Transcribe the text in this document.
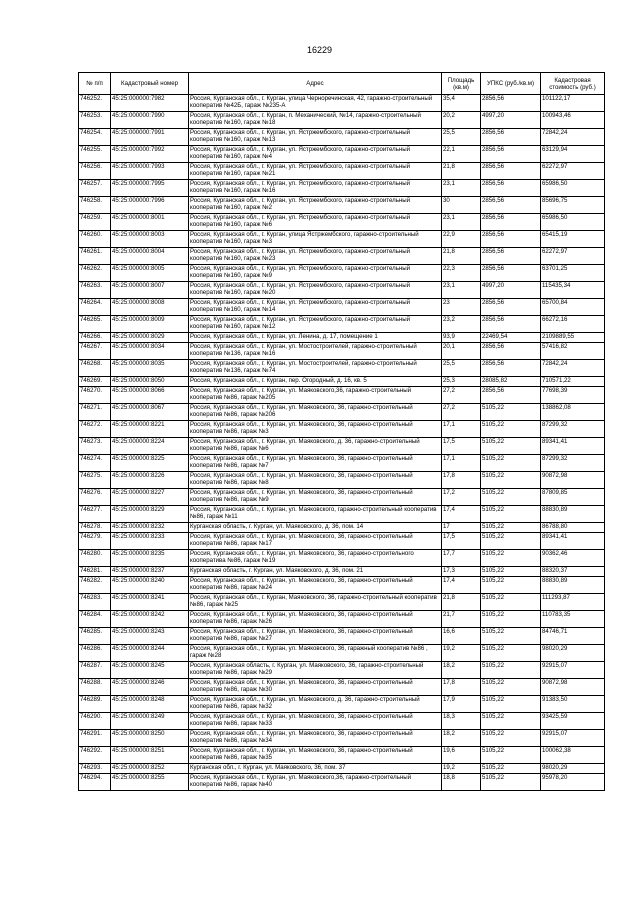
16229
№ п/п	Кадастровый номер	Адрес	Площадь (кв.м)	УПКС (руб./кв.м)	Кадастровая стоимость (руб.)
746252.	45:25:000000:7982	Россия, Курганская обл., г. Курган, улица Черноречинская, 42, гаражно-строительный кооператив №42Б, гараж №235-А	35,4	2856,56	101122,17
746253.	45:25:000000:7990	Россия, Курганская обл., г. Курган, п. Механический, №14, гаражно-строительный кооператив №160, гараж №18	20,2	4997,20	100943,46
746254.	45:25:000000:7991	Россия, Курганская обл., г. Курган, ул. Ястржембского, гаражно-строительный кооператив №160, гараж №13	25,5	2856,56	72842,24
746255.	45:25:000000:7992	Россия, Курганская обл., г. Курган, ул. Ястржембского, гаражно-строительный кооператив №160, гараж №4	22,1	2856,56	63129,94
746256.	45:25:000000:7993	Россия, Курганская обл., г. Курган, ул. Ястржембского, гаражно-строительный кооператив №160, гараж №21	21,8	2856,56	62272,97
746257.	45:25:000000:7995	Россия, Курганская обл., г. Курган, ул. Ястржембского, гаражно-строительный кооператив №160, гараж №16	23,1	2856,56	65986,50
746258.	45:25:000000:7996	Россия, Курганская обл., г. Курган, ул. Ястржембского, гаражно-строительный кооператив №160, гараж №2	30	2856,56	85696,75
746259.	45:25:000000:8001	Россия, Курганская обл., г. Курган, ул. Ястржембского, гаражно-строительный кооператив №160, гараж №6	23,1	2856,56	65986,50
746260.	45:25:000000:8003	Россия, Курганская обл., г. Курган, улица Ястржембского, гаражно-строительный кооператив №160, гараж №3	22,9	2856,56	65415,19
746261.	45:25:000000:8004	Россия, Курганская обл., г. Курган, ул. Ястржембского, гаражно-строительный кооператив №160, гараж №23	21,8	2856,56	62272,97
746262.	45:25:000000:8005	Россия, Курганская обл., г. Курган, ул. Ястржембского, гаражно-строительный кооператив №160, гараж №9	22,3	2856,56	63701,25
746263.	45:25:000000:8007	Россия, Курганская обл., г. Курган, ул. Ястржембского, гаражно-строительный кооператив №160, гараж №20	23,1	4997,20	115435,34
746264.	45:25:000000:8008	Россия, Курганская обл., г. Курган, ул. Ястржембского, гаражно-строительный кооператив №160, гараж №14	23	2856,56	65700,84
746265.	45:25:000000:8009	Россия, Курганская обл., г. Курган, ул. Ястржембского, гаражно-строительный кооператив №160, гараж №12	23,2	2856,56	66272,16
746266.	45:25:000000:8029	Россия, Курганская обл., г. Курган, ул. Ленина, д. 17, помещение 1	93,9	22469,54	2109889,55
746267.	45:25:000000:8034	Россия, Курганская обл., г. Курган, ул. Мостостроителей, гаражно-строительный кооператив №136, гараж №16	20,1	2856,56	57416,82
746268.	45:25:000000:8035	Россия, Курганская обл., г. Курган, ул. Мостостроителей, гаражно-строительный кооператив №136, гараж №74	25,5	2856,56	72842,24
746269.	45:25:000000:8050	Россия, Курганская обл., г. Курган, пер. Огородный, д. 16, кв. 5	25,3	28085,82	710571,22
746270.	45:25:000000:8066	Россия, Курганская обл., г. Курган, ул. Маяковского,36, гаражно-строительный кооператив №86, гараж №205	27,2	2856,56	77698,39
746271.	45:25:000000:8067	Россия, Курганская обл., г. Курган, ул. Маяковского, 36, гаражно-строительный кооператив №86, гараж №206	27,2	5105,22	138862,08
746272.	45:25:000000:8221	Россия, Курганская обл., г. Курган, ул. Маяковского, 36, гаражно-строительный кооператив №86, гараж №3	17,1	5105,22	87299,32
746273.	45:25:000000:8224	Россия, Курганская обл., г. Курган, ул. Маяковского, д. 36, гаражно-строительный кооператив №86, гараж №6	17,5	5105,22	89341,41
746274.	45:25:000000:8225	Россия, Курганская обл., г. Курган, ул. Маяковского, 36, гаражно-строительный кооператив №86, гараж №7	17,1	5105,22	87299,32
746275.	45:25:000000:8226	Россия, Курганская обл., г. Курган, ул. Маяковского, 36, гаражно-строительный кооператив №86, гараж №8	17,8	5105,22	90872,98
746276.	45:25:000000:8227	Россия, Курганская обл., г. Курган, ул. Маяковского, 36, гаражно-строительный кооператив №86, гараж №9	17,2	5105,22	87809,85
746277.	45:25:000000:8229	Россия, Курганская обл., г. Курган, ул. Маяковского, гаражно-строительный кооператив №86, гараж №11	17,4	5105,22	88830,89
746278.	45:25:000000:8232	Курганская область, г. Курган, ул. Маяковского, д. 36, пом. 14	17	5105,22	86788,80
746279.	45:25:000000:8233	Россия, Курганская обл., г. Курган, ул. Маяковского, 36, гаражно-строительный кооператив №86, гараж №17	17,5	5105,22	89341,41
746280.	45:25:000000:8235	Россия, Курганская обл., г. Курган, ул. Маяковского, 36, гаражно-строительного кооператива №86, гараж №19	17,7	5105,22	90362,46
746281.	45:25:000000:8237	Курганская область, г. Курган, ул. Маяковского, д. 36, пом. 21	17,3	5105,22	88320,37
746282.	45:25:000000:8240	Россия, Курганская обл., г. Курган, ул. Маяковского, 36, гаражно-строительный кооператив №86, гараж №24	17,4	5105,22	88830,89
746283.	45:25:000000:8241	Россия, Курганская обл., г. Курган, Маяковского, 36, гаражно-строительный кооператив №86, гараж №25	21,8	5105,22	111293,87
746284.	45:25:000000:8242	Россия, Курганская обл., г. Курган, ул. Маяковского, 36, гаражно-строительный кооператив №86, гараж №26	21,7	5105,22	110783,35
746285.	45:25:000000:8243	Россия, Курганская обл., г. Курган, ул. Маяковского, 36, гаражно-строительный кооператив №86, гараж №27	16,6	5105,22	84746,71
746286.	45:25:000000:8244	Россия, Курганская обл., г. Курган, ул. Маяковского, 36, гаражный кооператив №86 , гараж №28	19,2	5105,22	98020,29
746287.	45:25:000000:8245	Россия, Курганская область, г. Курган, ул. Маяковского, 36, гаражно-строительный кооператив №86, гараж №29	18,2	5105,22	92915,07
746288.	45:25:000000:8246	Россия, Курганская обл., г. Курган, ул. Маяковского, 36, гаражно-строительный кооператив №86, гараж №30	17,8	5105,22	90872,98
746289.	45:25:000000:8248	Россия, Курганская обл., г. Курган, ул. Маяковского, д. 36, гаражно-строительный кооператив №86, гараж №32	17,9	5105,22	91383,50
746290.	45:25:000000:8249	Россия, Курганская обл., г. Курган, ул. Маяковского, 36, гаражно-строительный кооператив №86, гараж №33	18,3	5105,22	93425,59
746291.	45:25:000000:8250	Россия, Курганская обл., г. Курган, ул. Маяковского, 36, гаражно-строительный кооператив №86, гараж №34	18,2	5105,22	92915,07
746292.	45:25:000000:8251	Россия, Курганская обл., г. Курган, ул. Маяковского, 36, гаражно-строительный кооператив №86, гараж №35	19,6	5105,22	100062,38
746293.	45:25:000000:8252	Курганская обл., г. Курган, ул. Маяковского, 36, пом. 37	19,2	5105,22	98020,29
746294.	45:25:000000:8255	Россия, Курганская обл., г. Курган, ул. Маяковского,36, гаражно-строительный кооператив №86, гараж №40	18,8	5105,22	95978,20
